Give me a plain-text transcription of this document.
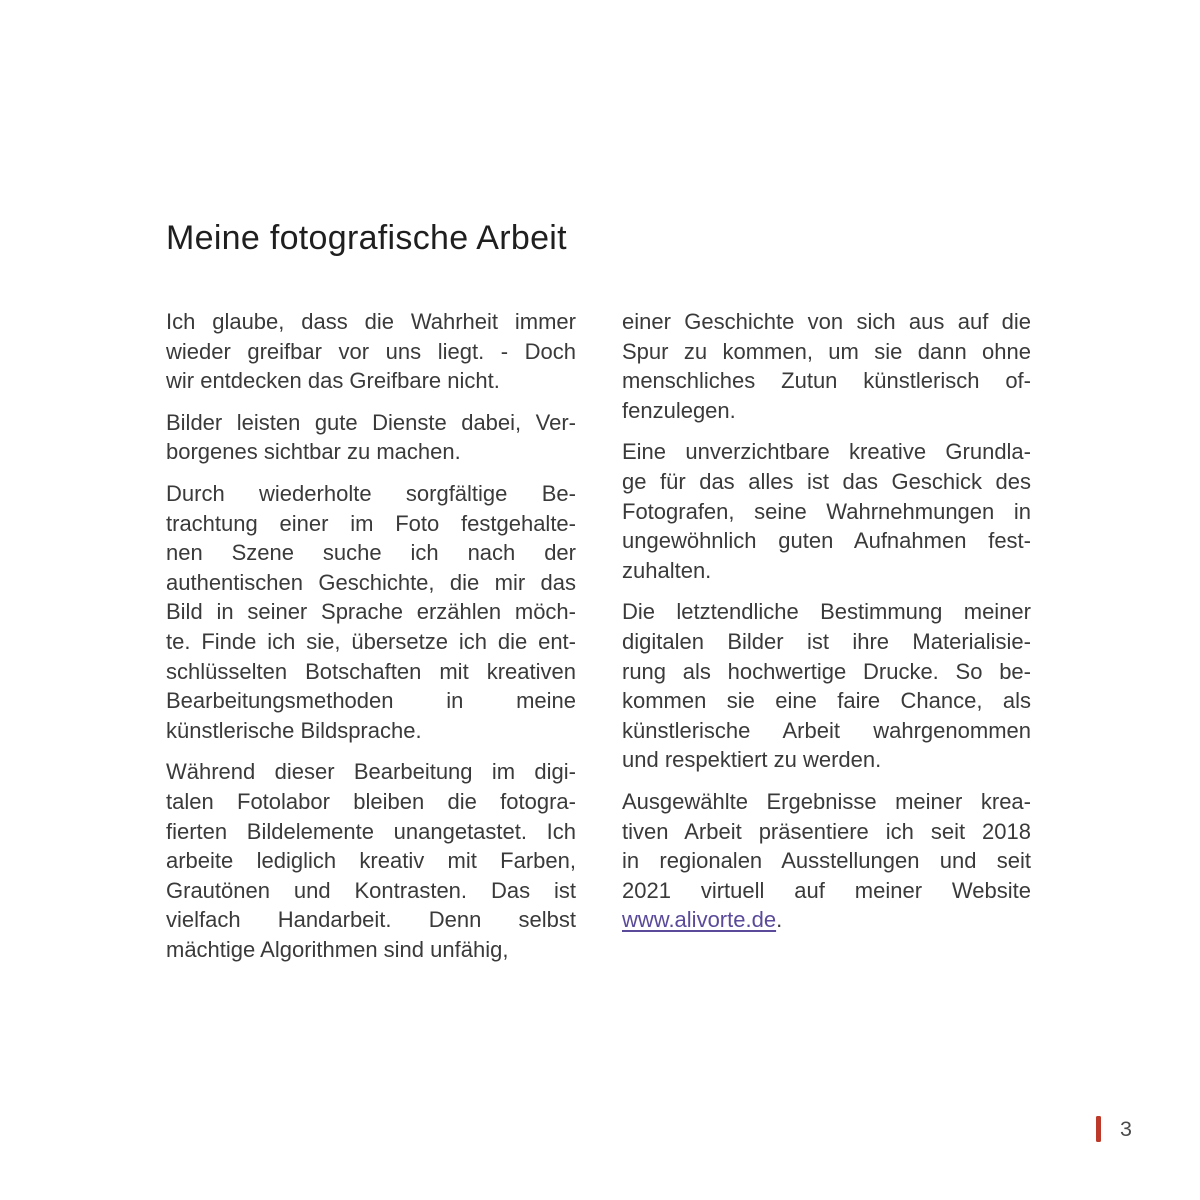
Meine fotografische Arbeit
Ich glaube, dass die Wahrheit immer
wieder greifbar vor uns liegt. - Doch
wir entdecken das Greifbare nicht.
Bilder leisten gute Dienste dabei, Ver-
borgenes sichtbar zu machen.
Durch wiederholte sorgfältige Be-
trachtung einer im Foto festgehalte-
nen Szene suche ich nach der
authentischen Geschichte, die mir das
Bild in seiner Sprache erzählen möch-
te. Finde ich sie, übersetze ich die ent-
schlüsselten Botschaften mit kreativen
Bearbeitungsmethoden in meine
künstlerische Bildsprache.
Während dieser Bearbeitung im digi-
talen Fotolabor bleiben die fotogra-
fierten Bildelemente unangetastet. Ich
arbeite lediglich kreativ mit Farben,
Grautönen und Kontrasten. Das ist
vielfach Handarbeit. Denn selbst
mächtige Algorithmen sind unfähig,
einer Geschichte von sich aus auf die
Spur zu kommen, um sie dann ohne
menschliches Zutun künstlerisch of-
fenzulegen.
Eine unverzichtbare kreative Grundla-
ge für das alles ist das Geschick des
Fotografen, seine Wahrnehmungen in
ungewöhnlich guten Aufnahmen fest-
zuhalten.
Die letztendliche Bestimmung meiner
digitalen Bilder ist ihre Materialisie-
rung als hochwertige Drucke. So be-
kommen sie eine faire Chance, als
künstlerische Arbeit wahrgenommen
und respektiert zu werden.
Ausgewählte Ergebnisse meiner krea-
tiven Arbeit präsentiere ich seit 2018
in regionalen Ausstellungen und seit
2021 virtuell auf meiner Website
www.alivorte.de.
3
